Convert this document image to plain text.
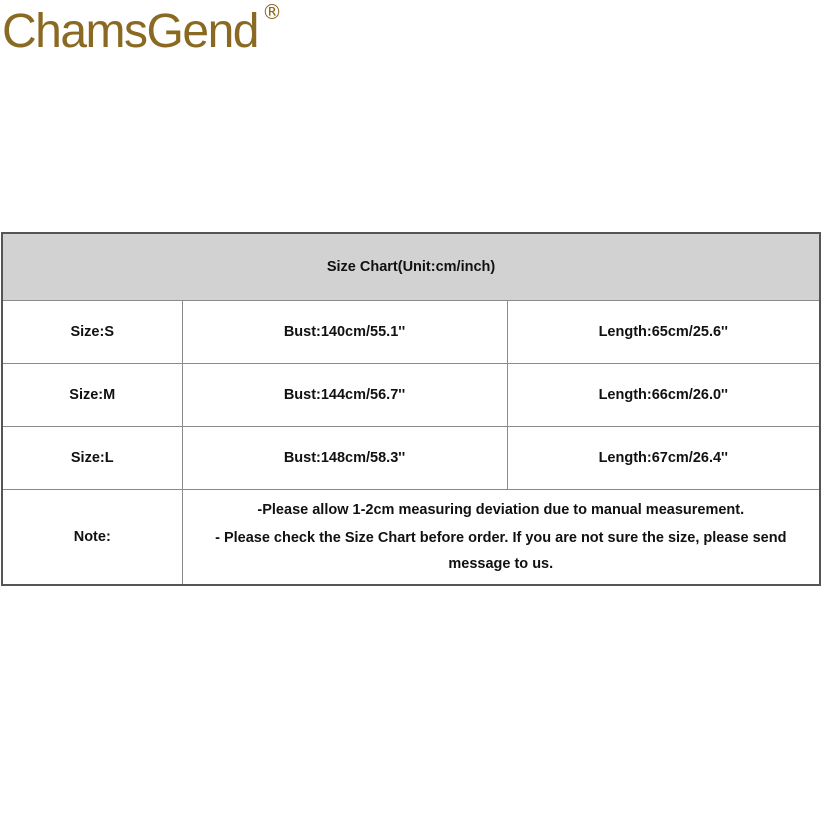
ChamsGend ®
Size Chart(Unit:cm/inch)		
Size:S	Bust:140cm/55.1''	Length:65cm/25.6''
Size:M	Bust:144cm/56.7''	Length:66cm/26.0''
Size:L	Bust:148cm/58.3''	Length:67cm/26.4''
Note:	-Please allow 1-2cm measuring deviation due to manual measurement.
- Please check the Size Chart before order. If you are not sure the size, please send message to us.	
